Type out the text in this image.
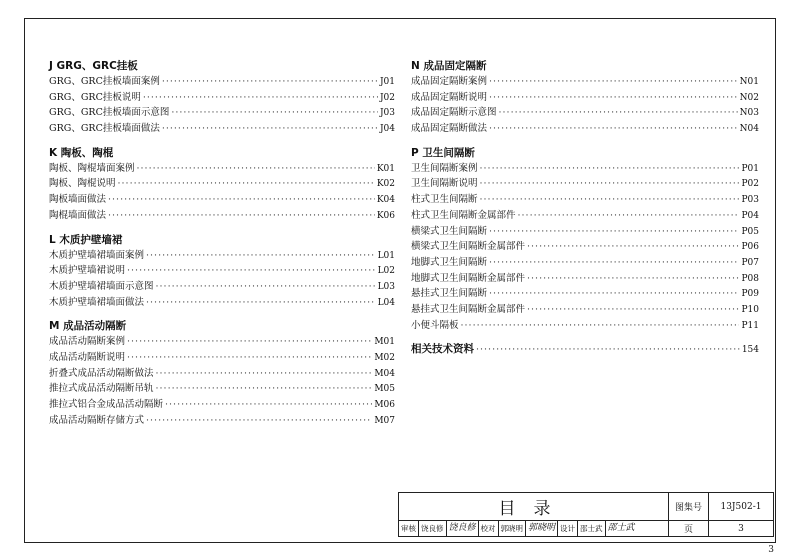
J GRG、GRC挂板
GRG、GRC挂板墙面案例 ·····	J01
GRG、GRC挂板说明 ·····	J02
GRG、GRC挂板墙面示意图 ·····	J03
GRG、GRC挂板墙面做法 ·····	J04
K 陶板、陶棍
陶板、陶棍墙面案例 ·····	K01
陶板、陶棍说明 ·····	K02
陶板墙面做法 ·····	K04
陶棍墙面做法 ·····	K06
L 木质护壁墙裙
木质护壁墙裙墙面案例 ·····	L01
木质护壁墙裙说明 ·····	L02
木质护壁墙裙墙面示意图 ·····	L03
木质护壁墙裙墙面做法 ·····	L04
M 成品活动隔断
成品活动隔断案例 ·····	M01
成品活动隔断说明 ·····	M02
折叠式成品活动隔断做法 ·····	M04
推拉式成品活动隔断吊轨 ·····	M05
推拉式铝合金成品活动隔断 ·····	M06
成品活动隔断存储方式 ·····	M07
N 成品固定隔断
成品固定隔断案例 ·····	N01
成品固定隔断说明 ·····	N02
成品固定隔断示意图 ·····	N03
成品固定隔断做法 ·····	N04
P 卫生间隔断
卫生间隔断案例 ·····	P01
卫生间隔断说明 ·····	P02
柱式卫生间隔断 ·····	P03
柱式卫生间隔断金属部件 ·····	P04
横梁式卫生间隔断 ·····	P05
横梁式卫生间隔断金属部件 ·····	P06
地脚式卫生间隔断 ·····	P07
地脚式卫生间隔断金属部件 ·····	P08
悬挂式卫生间隔断 ·····	P09
悬挂式卫生间隔断金属部件 ·····	P10
小便斗隔板 ·····	P11
相关技术资料 ·····	154
目录	图集号	13J502-1
审核 饶良修 饶良修 校对 郭晓明 郭晓明 设计 邵士武 邵士武	页	3
3
